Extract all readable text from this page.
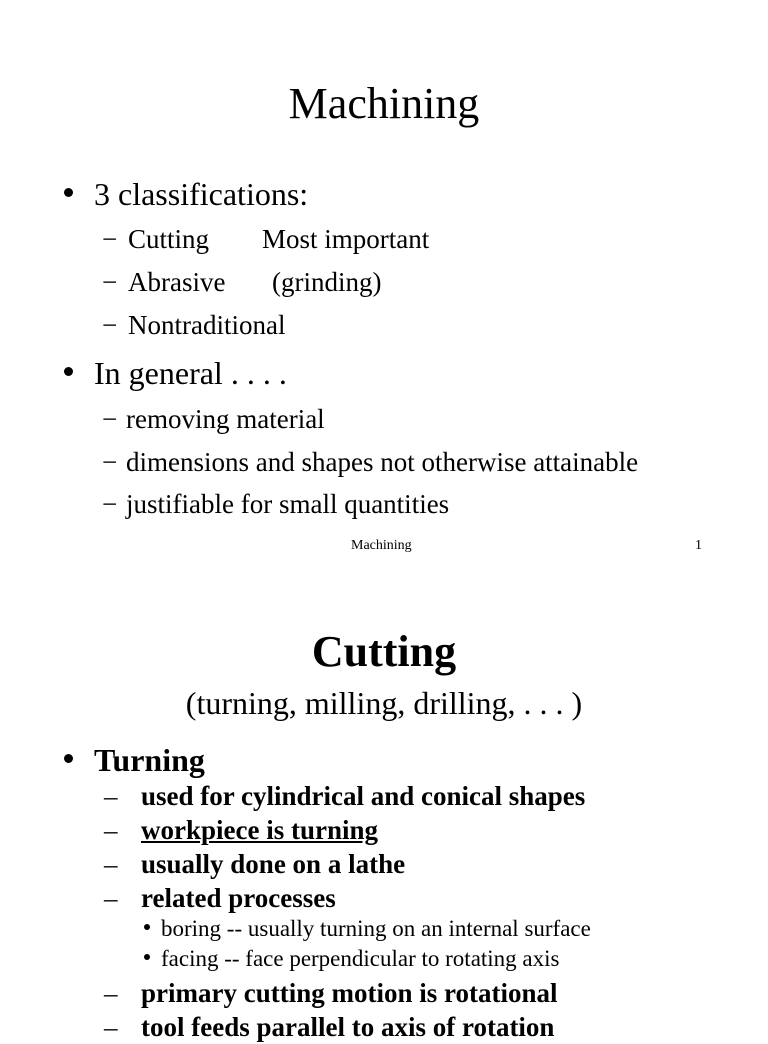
Machining
3 classifications:
− Cutting Most important
− Abrasive (grinding)
− Nontraditional
In general . . . .
− removing material
− dimensions and shapes not otherwise attainable
− justifiable for small quantities
Machining	1
Cutting
(turning, milling, drilling, . . . )
Turning
– used for cylindrical and conical shapes
– workpiece is turning
– usually done on a lathe
– related processes
boring -- usually turning on an internal surface
facing -- face perpendicular to rotating axis
– primary cutting motion is rotational
– tool feeds parallel to axis of rotation
